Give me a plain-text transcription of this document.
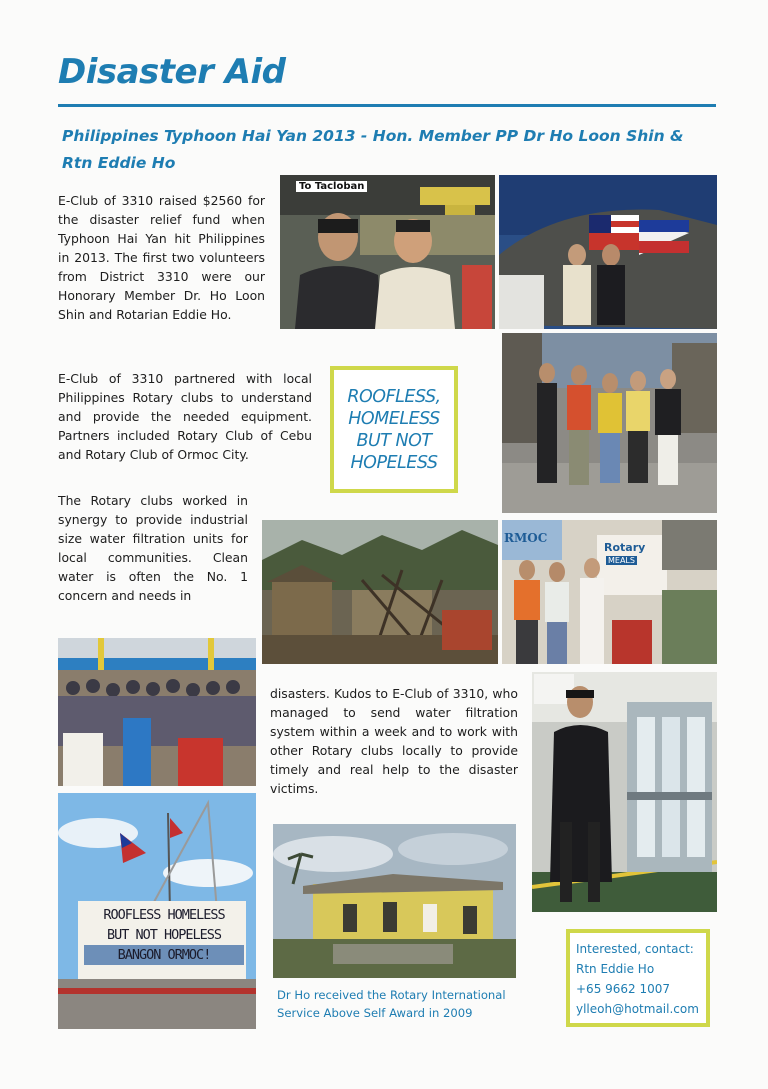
Disaster Aid
Philippines Typhoon Hai Yan 2013 - Hon. Member PP Dr Ho Loon Shin & Rtn Eddie Ho
E-Club of 3310 raised $2560 for the disaster relief fund when Typhoon Hai Yan hit Philippines in 2013. The first two volunteers from District 3310 were our Honorary Member Dr. Ho Loon Shin and Rotarian Eddie Ho.
E-Club of 3310 partnered with local Philippines Rotary clubs to understand and provide the needed equipment. Partners included Rotary Club of Cebu and Rotary Club of Ormoc City.
The Rotary clubs worked in synergy to provide industrial size water filtration units for local communities. Clean water is often the No. 1 concern and needs in
disasters. Kudos to E-Club of 3310, who managed to send water filtration system within a week and to work with other Rotary clubs locally to provide timely and real help to the disaster victims.
To Tacloban
ROOFLESS,
HOMELESS
BUT NOT
HOPELESS
RMOC
Rotary
MEALS
ROOFLESS HOMELESS
BUT NOT HOPELESS
BANGON ORMOC!
Dr Ho received the Rotary International Service Above Self Award in 2009
Interested, contact:
Rtn Eddie Ho
+65 9662 1007
ylleoh@hotmail.com
